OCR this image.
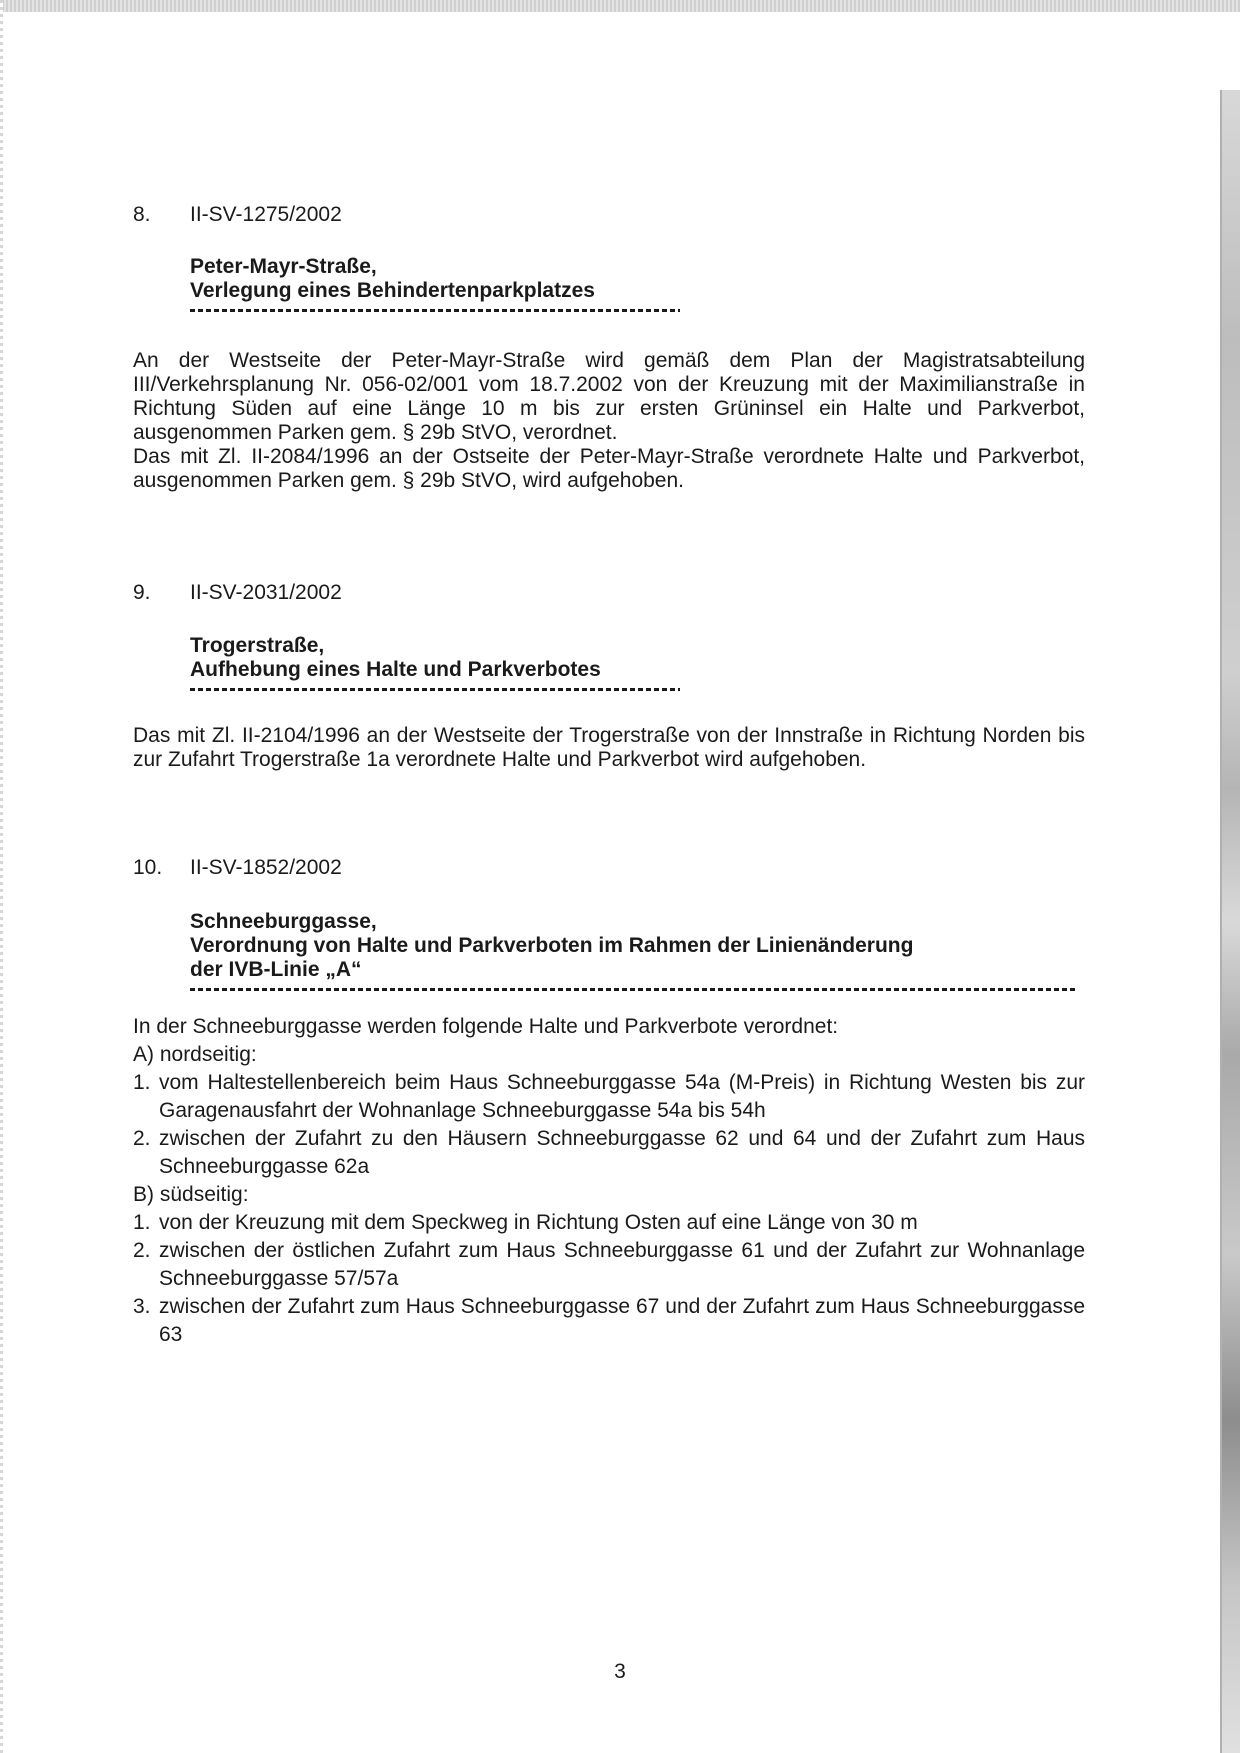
8. II-SV-1275/2002
Peter-Mayr-Straße,
Verlegung eines Behindertenparkplatzes

An der Westseite der Peter-Mayr-Straße wird gemäß dem Plan der Magistratsabteilung III/Verkehrsplanung Nr. 056-02/001 vom 18.7.2002 von der Kreuzung mit der Maximilianstraße in Richtung Süden auf eine Länge 10 m bis zur ersten Grüninsel ein Halte und Parkverbot, ausgenommen Parken gem. § 29b StVO, verordnet.

Das mit Zl. II-2084/1996 an der Ostseite der Peter-Mayr-Straße verordnete Halte und Parkverbot, ausgenommen Parken gem. § 29b StVO, wird aufgehoben.

9. II-SV-2031/2002
Trogerstraße,
Aufhebung eines Halte und Parkverbotes

Das mit Zl. II-2104/1996 an der Westseite der Trogerstraße von der Innstraße in Richtung Norden bis zur Zufahrt Trogerstraße 1a verordnete Halte und Parkverbot wird aufgehoben.

10. II-SV-1852/2002
Schneeburggasse,
Verordnung von Halte und Parkverboten im Rahmen der Linienänderung
der IVB-Linie „A“
In der Schneeburggasse werden folgende Halte und Parkverbote verordnet:
A) nordseitig:
1. vom Haltestellenbereich beim Haus Schneeburggasse 54a (M-Preis) in Richtung Westen bis zur Garagenausfahrt der Wohnanlage Schneeburggasse 54a bis 54h
2. zwischen der Zufahrt zu den Häusern Schneeburggasse 62 und 64 und der Zufahrt zum Haus Schneeburggasse 62a
B) südseitig:
1. von der Kreuzung mit dem Speckweg in Richtung Osten auf eine Länge von 30 m
2. zwischen der östlichen Zufahrt zum Haus Schneeburggasse 61 und der Zufahrt zur Wohnanlage Schneeburggasse 57/57a
3. zwischen der Zufahrt zum Haus Schneeburggasse 67 und der Zufahrt zum Haus Schneeburggasse 63
3
